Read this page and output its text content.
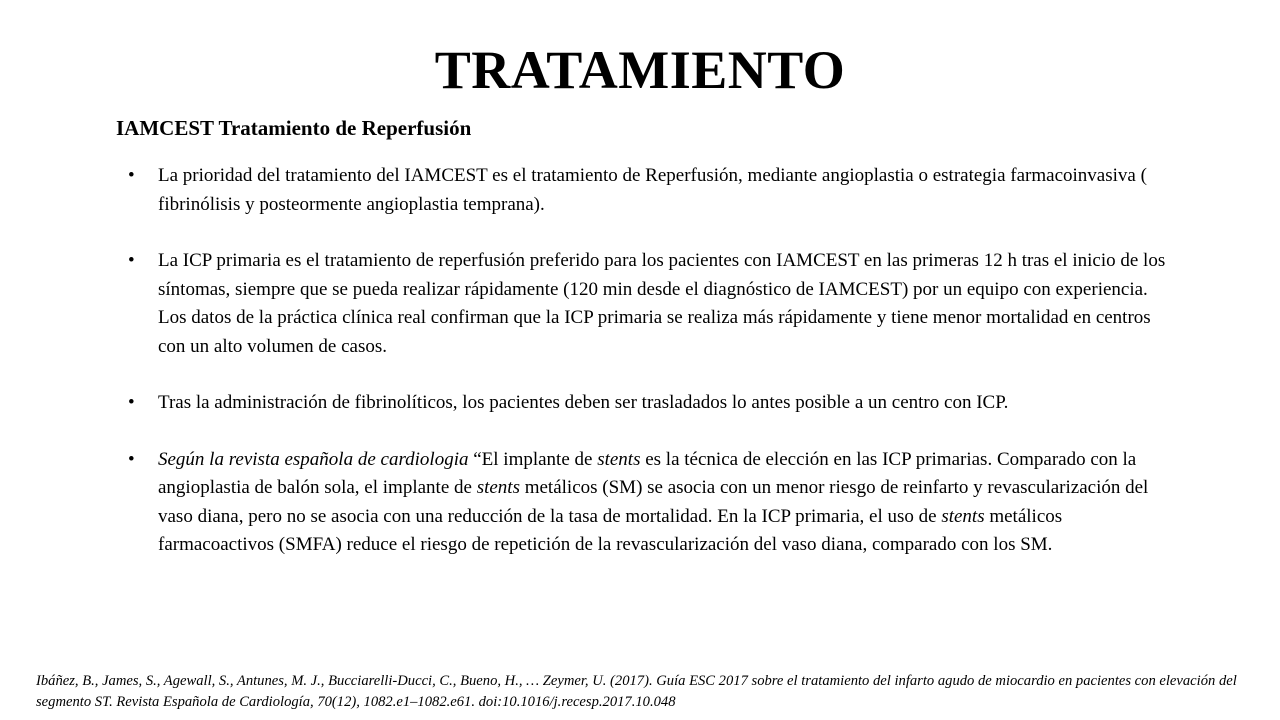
TRATAMIENTO
IAMCEST Tratamiento de Reperfusión
• La prioridad del tratamiento del IAMCEST es el tratamiento de Reperfusión, mediante angioplastia o estrategia farmacoinvasiva ( fibrinólisis y posteormente angioplastia temprana).
• La ICP primaria es el tratamiento de reperfusión preferido para los pacientes con IAMCEST en las primeras 12 h tras el inicio de los síntomas, siempre que se pueda realizar rápidamente (120 min desde el diagnóstico de IAMCEST) por un equipo con experiencia. Los datos de la práctica clínica real confirman que la ICP primaria se realiza más rápidamente y tiene menor mortalidad en centros con un alto volumen de casos.
• Tras la administración de fibrinolíticos, los pacientes deben ser trasladados lo antes posible a un centro con ICP.
• Según la revista española de cardiologia “El implante de stents es la técnica de elección en las ICP primarias. Comparado con la angioplastia de balón sola, el implante de stents metálicos (SM) se asocia con un menor riesgo de reinfarto y revascularización del vaso diana, pero no se asocia con una reducción de la tasa de mortalidad. En la ICP primaria, el uso de stents metálicos farmacoactivos (SMFA) reduce el riesgo de repetición de la revascularización del vaso diana, comparado con los SM.
Ibáñez, B., James, S., Agewall, S., Antunes, M. J., Bucciarelli-Ducci, C., Bueno, H., … Zeymer, U. (2017). Guía ESC 2017 sobre el tratamiento del infarto agudo de miocardio en pacientes con elevación del segmento ST. Revista Española de Cardiología, 70(12), 1082.e1–1082.e61. doi:10.1016/j.recesp.2017.10.048
